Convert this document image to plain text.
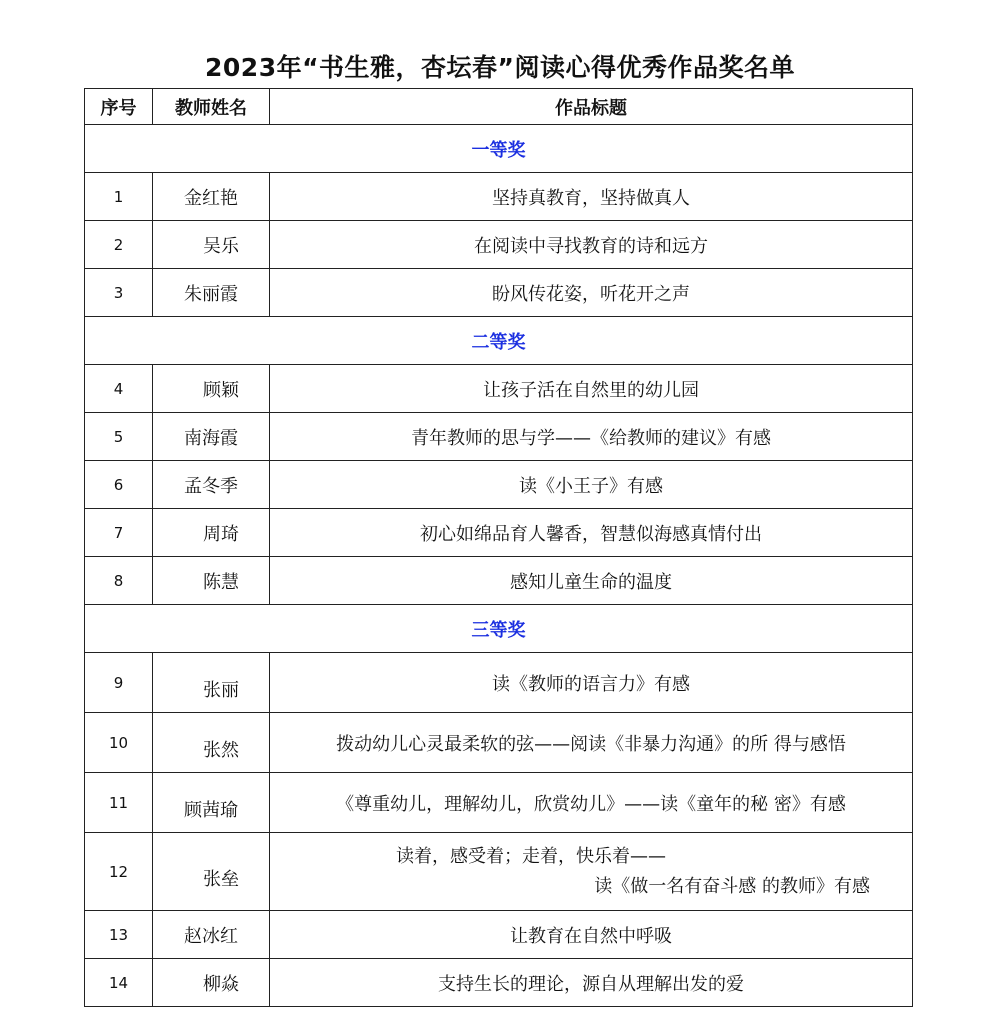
2023年“书生雅，杏坛春”阅读心得优秀作品奖名单
序号	教师姓名	作品标题
一等奖		
1	金红艳	坚持真教育，坚持做真人
2	吴乐	在阅读中寻找教育的诗和远方
3	朱丽霞	盼风传花姿，听花开之声
二等奖		
4	顾颖	让孩子活在自然里的幼儿园
5	南海霞	青年教师的思与学——《给教师的建议》有感
6	孟冬季	读《小王子》有感
7	周琦	初心如绵品育人馨香，智慧似海感真情付出
8	陈慧	感知儿童生命的温度
三等奖		
9	张丽	读《教师的语言力》有感
10	张然	拨动幼儿心灵最柔软的弦——阅读《非暴力沟通》的所 得与感悟
11	顾茜瑜	《尊重幼儿，理解幼儿，欣赏幼儿》——读《童年的秘 密》有感
12	张垒	读着，感受着；走着，快乐着——
读《做一名有奋斗感 的教师》有感

13	赵冰红	让教育在自然中呼吸
14	柳焱	支持生长的理论，源自从理解出发的爱
